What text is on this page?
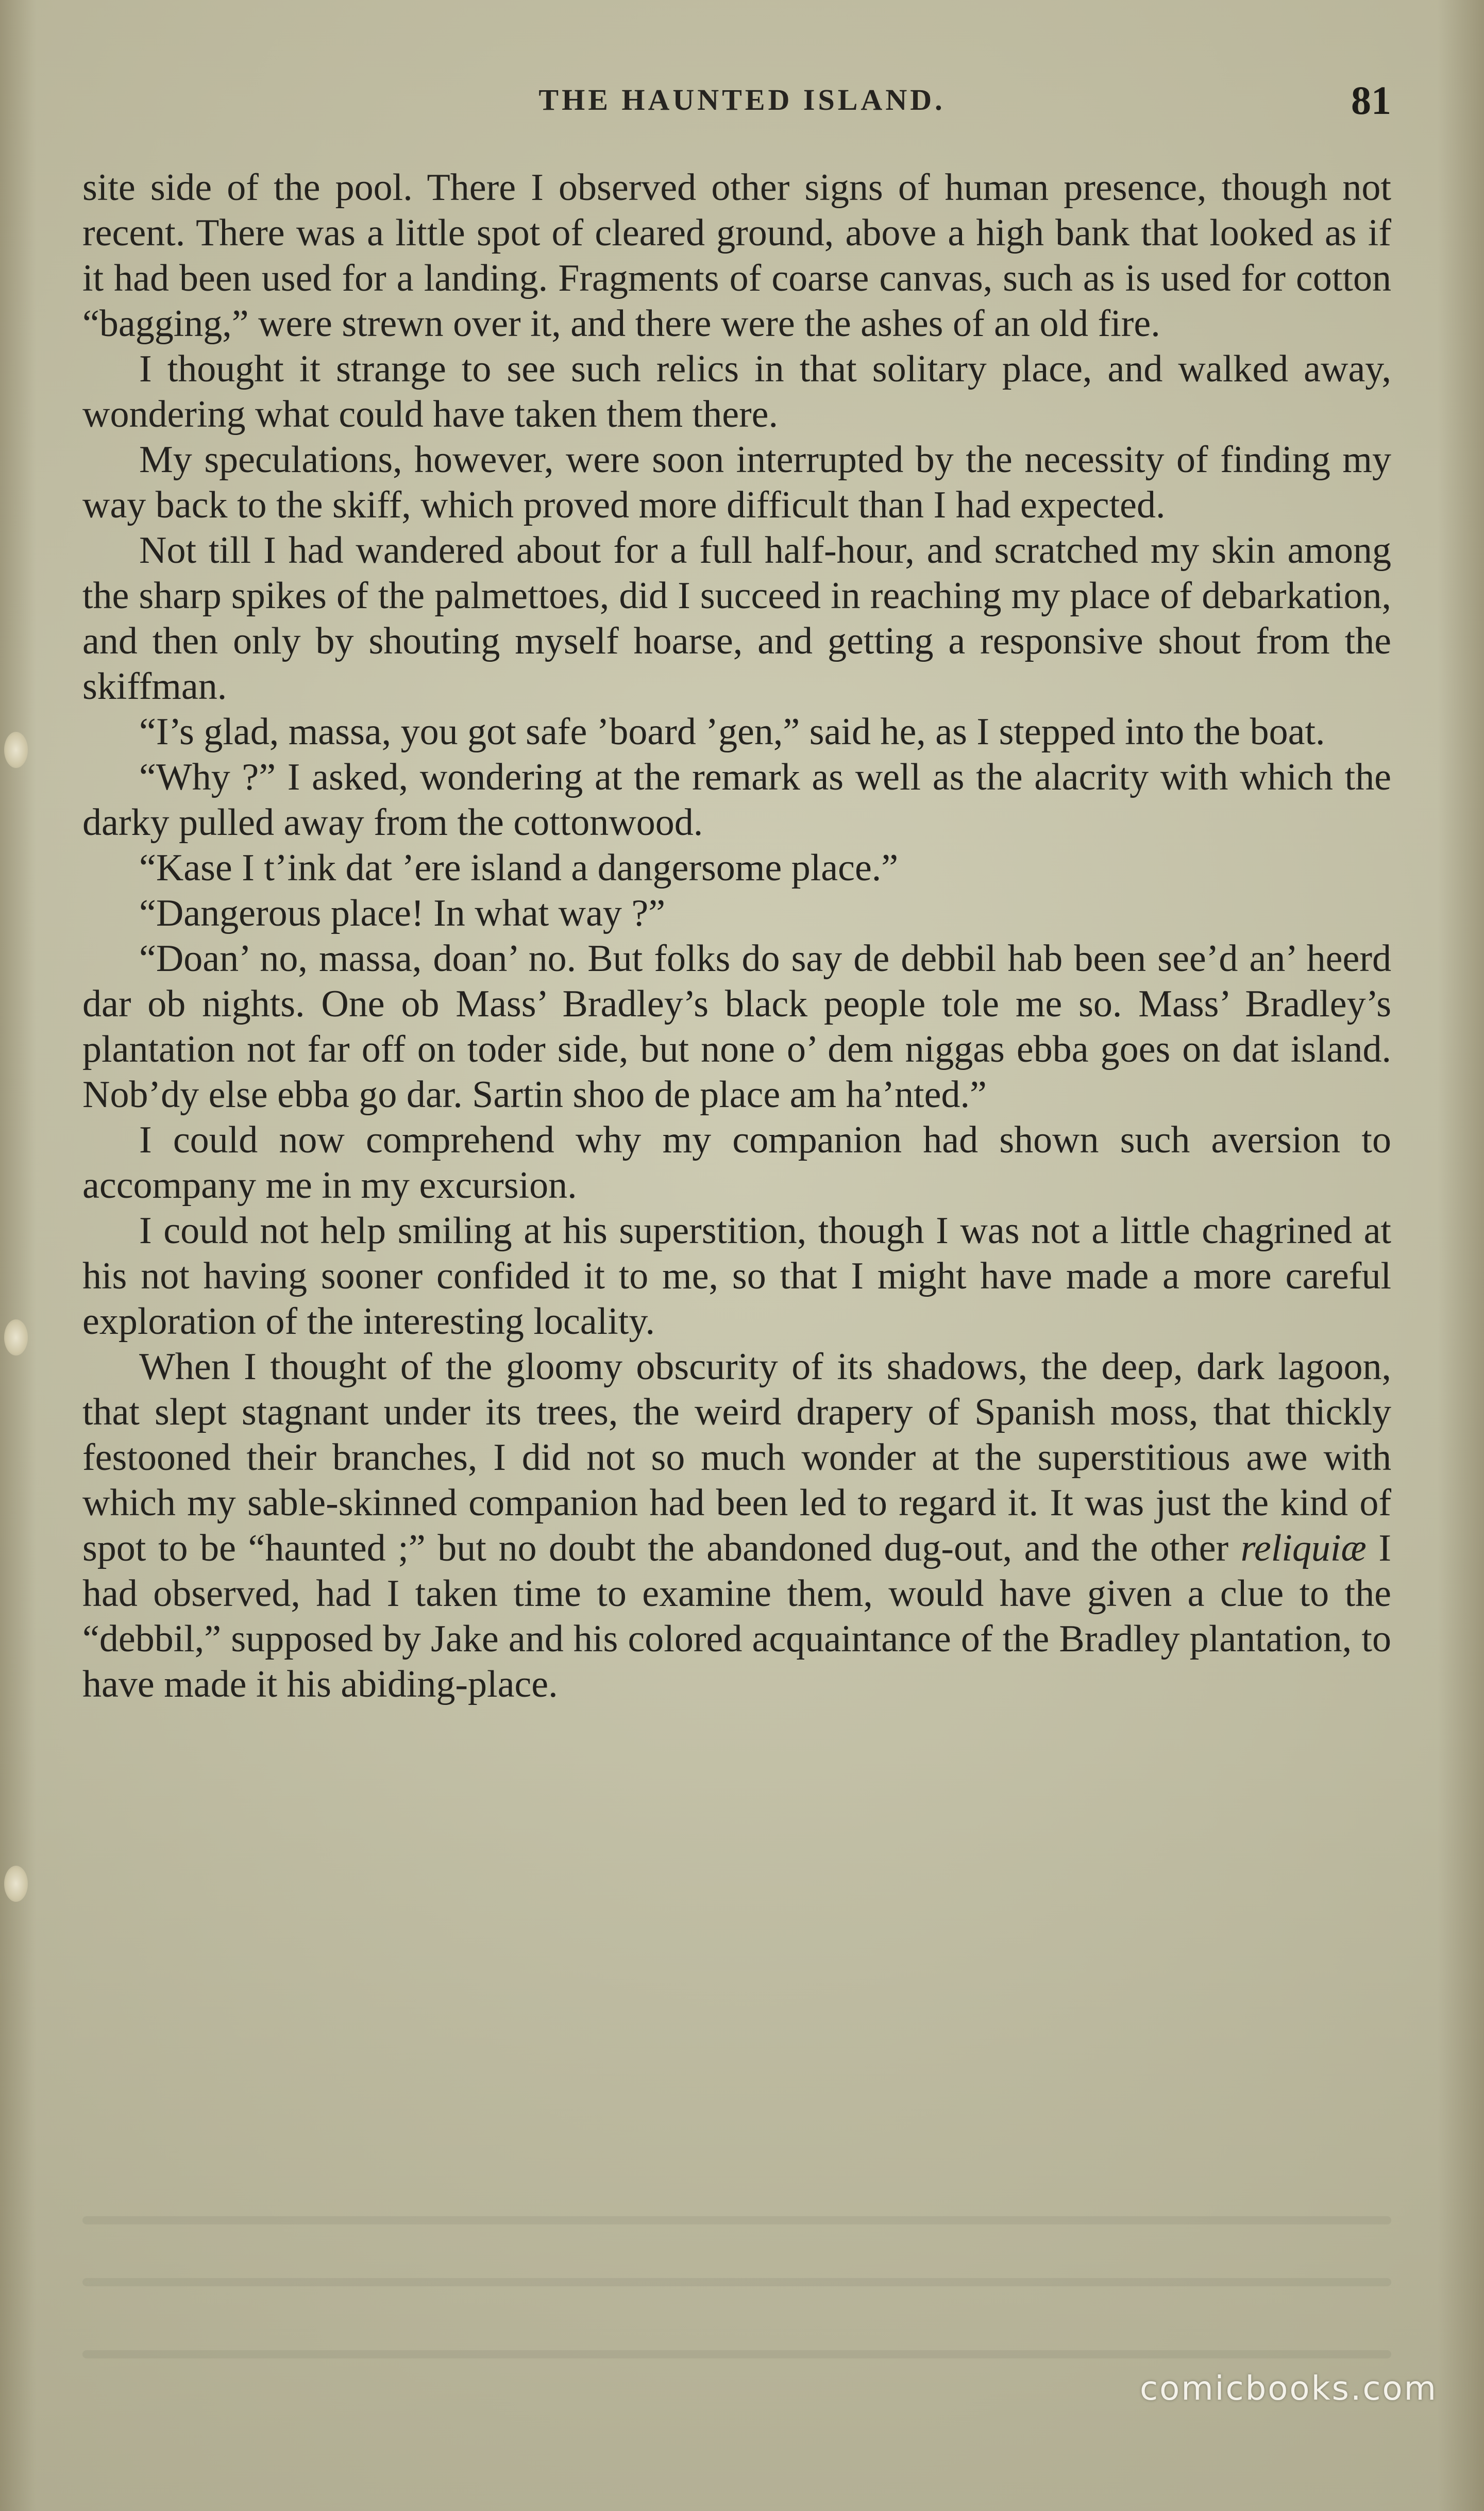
THE HAUNTED ISLAND.	81

site side of the pool. There I observed other signs of human presence, though not recent. There was a little spot of cleared ground, above a high bank that looked as if it had been used for a landing. Fragments of coarse canvas, such as is used for cotton “bagging,” were strewn over it, and there were the ashes of an old fire.

I thought it strange to see such relics in that solitary place, and walked away, wondering what could have taken them there.

My speculations, however, were soon interrupted by the necessity of finding my way back to the skiff, which proved more difficult than I had expected.

Not till I had wandered about for a full half-hour, and scratched my skin among the sharp spikes of the palmettoes, did I succeed in reaching my place of debarkation, and then only by shouting myself hoarse, and getting a responsive shout from the skiffman.

“I’s glad, massa, you got safe ’board ’gen,” said he, as I stepped into the boat.

“Why ?” I asked, wondering at the remark as well as the alacrity with which the darky pulled away from the cottonwood.

“Kase I t’ink dat ’ere island a dangersome place.”

“Dangerous place! In what way ?”

“Doan’ no, massa, doan’ no. But folks do say de debbil hab been see’d an’ heerd dar ob nights. One ob Mass’ Bradley’s black people tole me so. Mass’ Bradley’s plantation not far off on toder side, but none o’ dem niggas ebba goes on dat island. Nob’dy else ebba go dar. Sartin shoo de place am ha’nted.”

I could now comprehend why my companion had shown such aversion to accompany me in my excursion.

I could not help smiling at his superstition, though I was not a little chagrined at his not having sooner confided it to me, so that I might have made a more careful exploration of the interesting locality.

When I thought of the gloomy obscurity of its shadows, the deep, dark lagoon, that slept stagnant under its trees, the weird drapery of Spanish moss, that thickly festooned their branches, I did not so much wonder at the superstitious awe with which my sable-skinned companion had been led to regard it. It was just the kind of spot to be “haunted ;” but no doubt the abandoned dug-out, and the other reliquiæ I had observed, had I taken time to examine them, would have given a clue to the “debbil,” supposed by Jake and his colored acquaintance of the Bradley plantation, to have made it his abiding-place.

comicbooks.com
